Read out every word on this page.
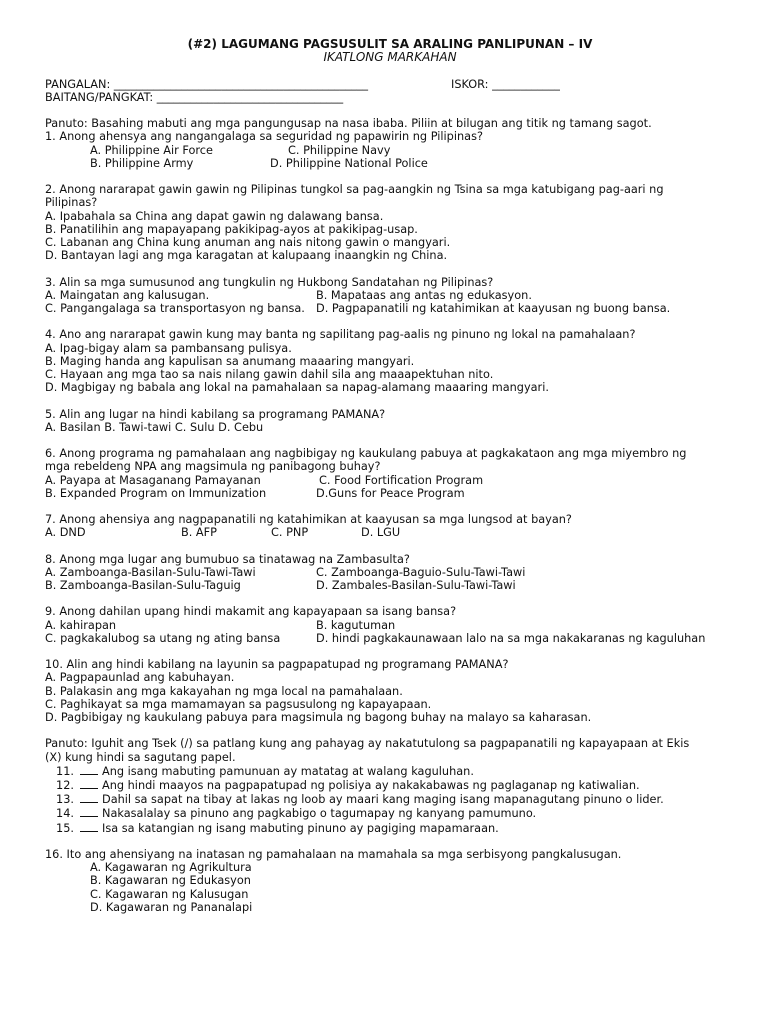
(#2) LAGUMANG PAGSUSULIT SA ARALING PANLIPUNAN – IV
IKATLONG MARKAHAN
PANGALAN: _____________________________________________	ISKOR: ____________
BAITANG/PANGKAT: _________________________________
Panuto: Basahing mabuti ang mga pangungusap na nasa ibaba. Piliin at bilugan ang titik ng tamang sagot.
1. Anong ahensya ang nangangalaga sa seguridad ng papawirin ng Pilipinas?
A. Philippine Air Force	C. Philippine Navy
B. Philippine Army	D. Philippine National Police
2. Anong nararapat gawin gawin ng Pilipinas tungkol sa pag-aangkin ng Tsina sa mga katubigang pag-aari ng
Pilipinas?
A. Ipabahala sa China ang dapat gawin ng dalawang bansa.
B. Panatilihin ang mapayapang pakikipag-ayos at pakikipag-usap.
C. Labanan ang China kung anuman ang nais nitong gawin o mangyari.
D. Bantayan lagi ang mga karagatan at kalupaang inaangkin ng China.
3. Alin sa mga sumusunod ang tungkulin ng Hukbong Sandatahan ng Pilipinas?
A. Maingatan ang kalusugan.	B. Mapataas ang antas ng edukasyon.
C. Pangangalaga sa transportasyon ng bansa. D. Pagpapanatili ng katahimikan at kaayusan ng buong bansa.
4. Ano ang nararapat gawin kung may banta ng sapilitang pag-aalis ng pinuno ng lokal na pamahalaan?
A. Ipag-bigay alam sa pambansang pulisya.
B. Maging handa ang kapulisan sa anumang maaaring mangyari.
C. Hayaan ang mga tao sa nais nilang gawin dahil sila ang maaapektuhan nito.
D. Magbigay ng babala ang lokal na pamahalaan sa napag-alamang maaaring mangyari.
5. Alin ang lugar na hindi kabilang sa programang PAMANA?
A. Basilan B. Tawi-tawi C. Sulu D. Cebu
6. Anong programa ng pamahalaan ang nagbibigay ng kaukulang pabuya at pagkakataon ang mga miyembro ng
mga rebeldeng NPA ang magsimula ng panibagong buhay?
A. Payapa at Masaganang Pamayanan	C. Food Fortification Program
B. Expanded Program on Immunization	D.Guns for Peace Program
7. Anong ahensiya ang nagpapanatili ng katahimikan at kaayusan sa mga lungsod at bayan?
A. DND	B. AFP	C. PNP	D. LGU
8. Anong mga lugar ang bumubuo sa tinatawag na Zambasulta?
A. Zamboanga-Basilan-Sulu-Tawi-Tawi	C. Zamboanga-Baguio-Sulu-Tawi-Tawi
B. Zamboanga-Basilan-Sulu-Taguig	D. Zambales-Basilan-Sulu-Tawi-Tawi
9. Anong dahilan upang hindi makamit ang kapayapaan sa isang bansa?
A. kahirapan	B. kagutuman
C. pagkakalubog sa utang ng ating bansa	D. hindi pagkakaunawaan lalo na sa mga nakakaranas ng kaguluhan
10. Alin ang hindi kabilang na layunin sa pagpapatupad ng programang PAMANA?
A. Pagpapaunlad ang kabuhayan.
B. Palakasin ang mga kakayahan ng mga local na pamahalaan.
C. Paghikayat sa mga mamamayan sa pagsusulong ng kapayapaan.
D. Pagbibigay ng kaukulang pabuya para magsimula ng bagong buhay na malayo sa kaharasan.
Panuto: Iguhit ang Tsek (/) sa patlang kung ang pahayag ay nakatutulong sa pagpapanatili ng kapayapaan at Ekis
(X) kung hindi sa sagutang papel.
11. Ang isang mabuting pamunuan ay matatag at walang kaguluhan.
12. Ang hindi maayos na pagpapatupad ng polisiya ay nakakabawas ng paglaganap ng katiwalian.
13. Dahil sa sapat na tibay at lakas ng loob ay maari kang maging isang mapanagutang pinuno o lider.
14. Nakasalalay sa pinuno ang pagkabigo o tagumapay ng kanyang pamumuno.
15. Isa sa katangian ng isang mabuting pinuno ay pagiging mapamaraan.
16. Ito ang ahensiyang na inatasan ng pamahalaan na mamahala sa mga serbisyong pangkalusugan.
A. Kagawaran ng Agrikultura
B. Kagawaran ng Edukasyon
C. Kagawaran ng Kalusugan
D. Kagawaran ng Pananalapi
